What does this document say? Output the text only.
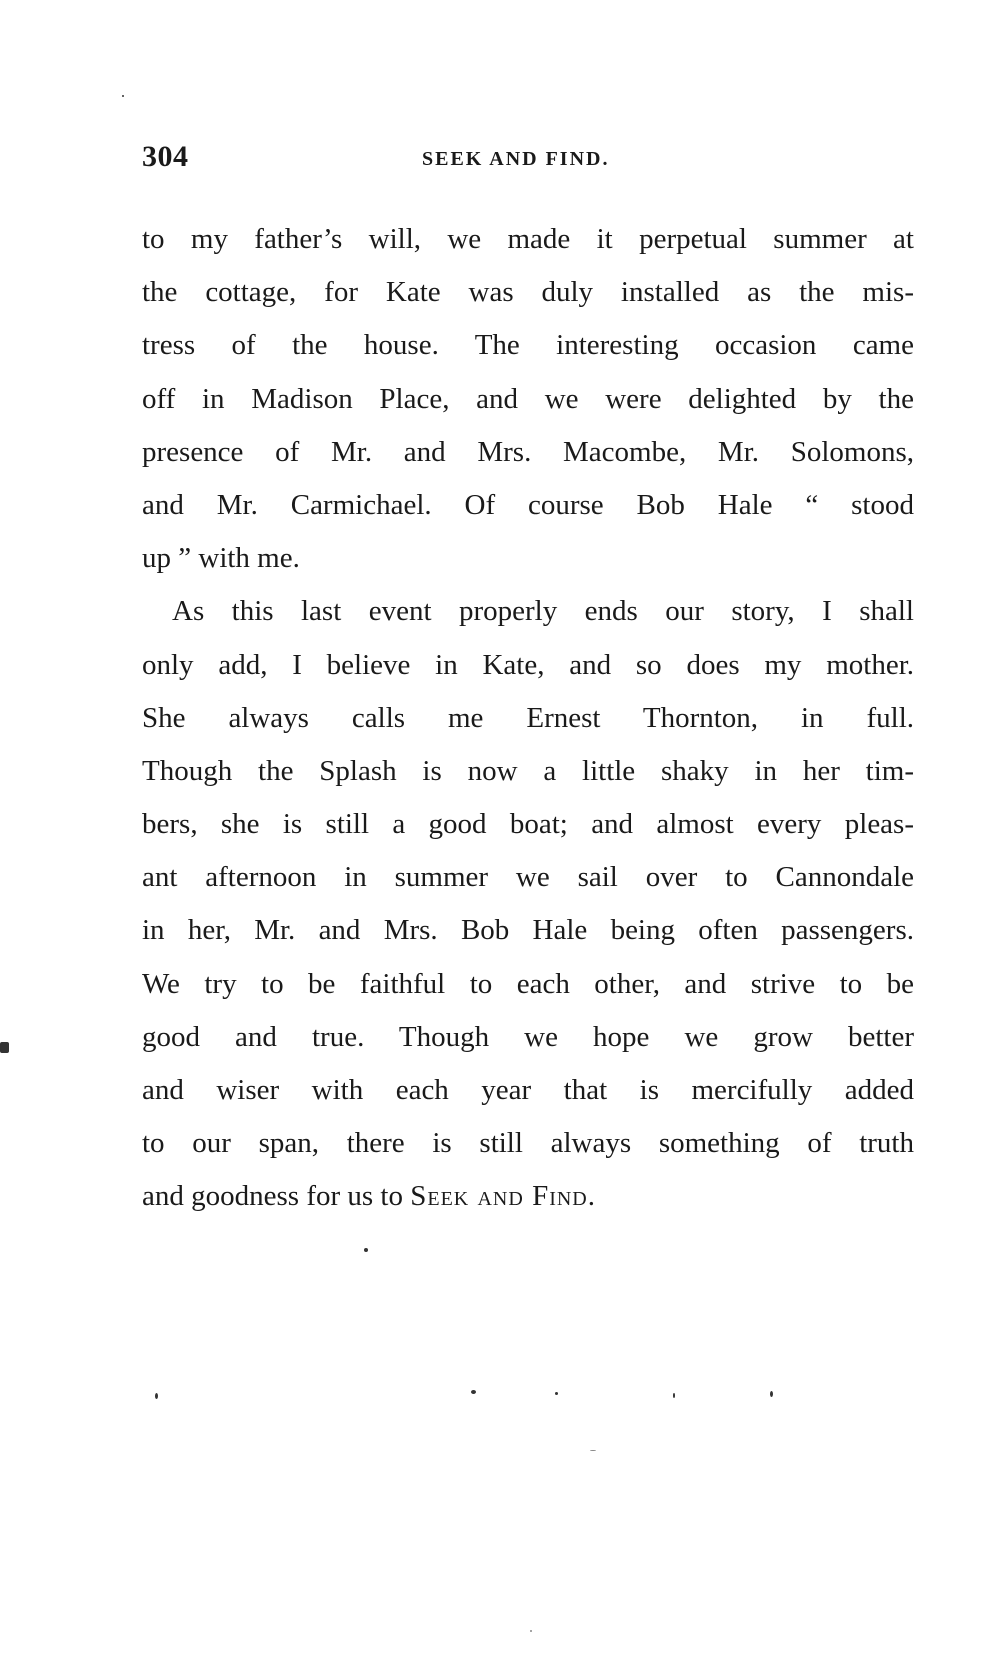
304	SEEK AND FIND.
to my father’s will, we made it perpetual summer at
the cottage, for Kate was duly installed as the mis-
tress of the house. The interesting occasion came
off in Madison Place, and we were delighted by the
presence of Mr. and Mrs. Macombe, Mr. Solomons,
and Mr. Carmichael. Of course Bob Hale “ stood
up ” with me.
As this last event properly ends our story, I shall
only add, I believe in Kate, and so does my mother.
She always calls me Ernest Thornton, in full.
Though the Splash is now a little shaky in her tim-
bers, she is still a good boat; and almost every pleas-
ant afternoon in summer we sail over to Cannondale
in her, Mr. and Mrs. Bob Hale being often passengers.
We try to be faithful to each other, and strive to be
good and true. Though we hope we grow better
and wiser with each year that is mercifully added
to our span, there is still always something of truth
and goodness for us to Seek and Find.
